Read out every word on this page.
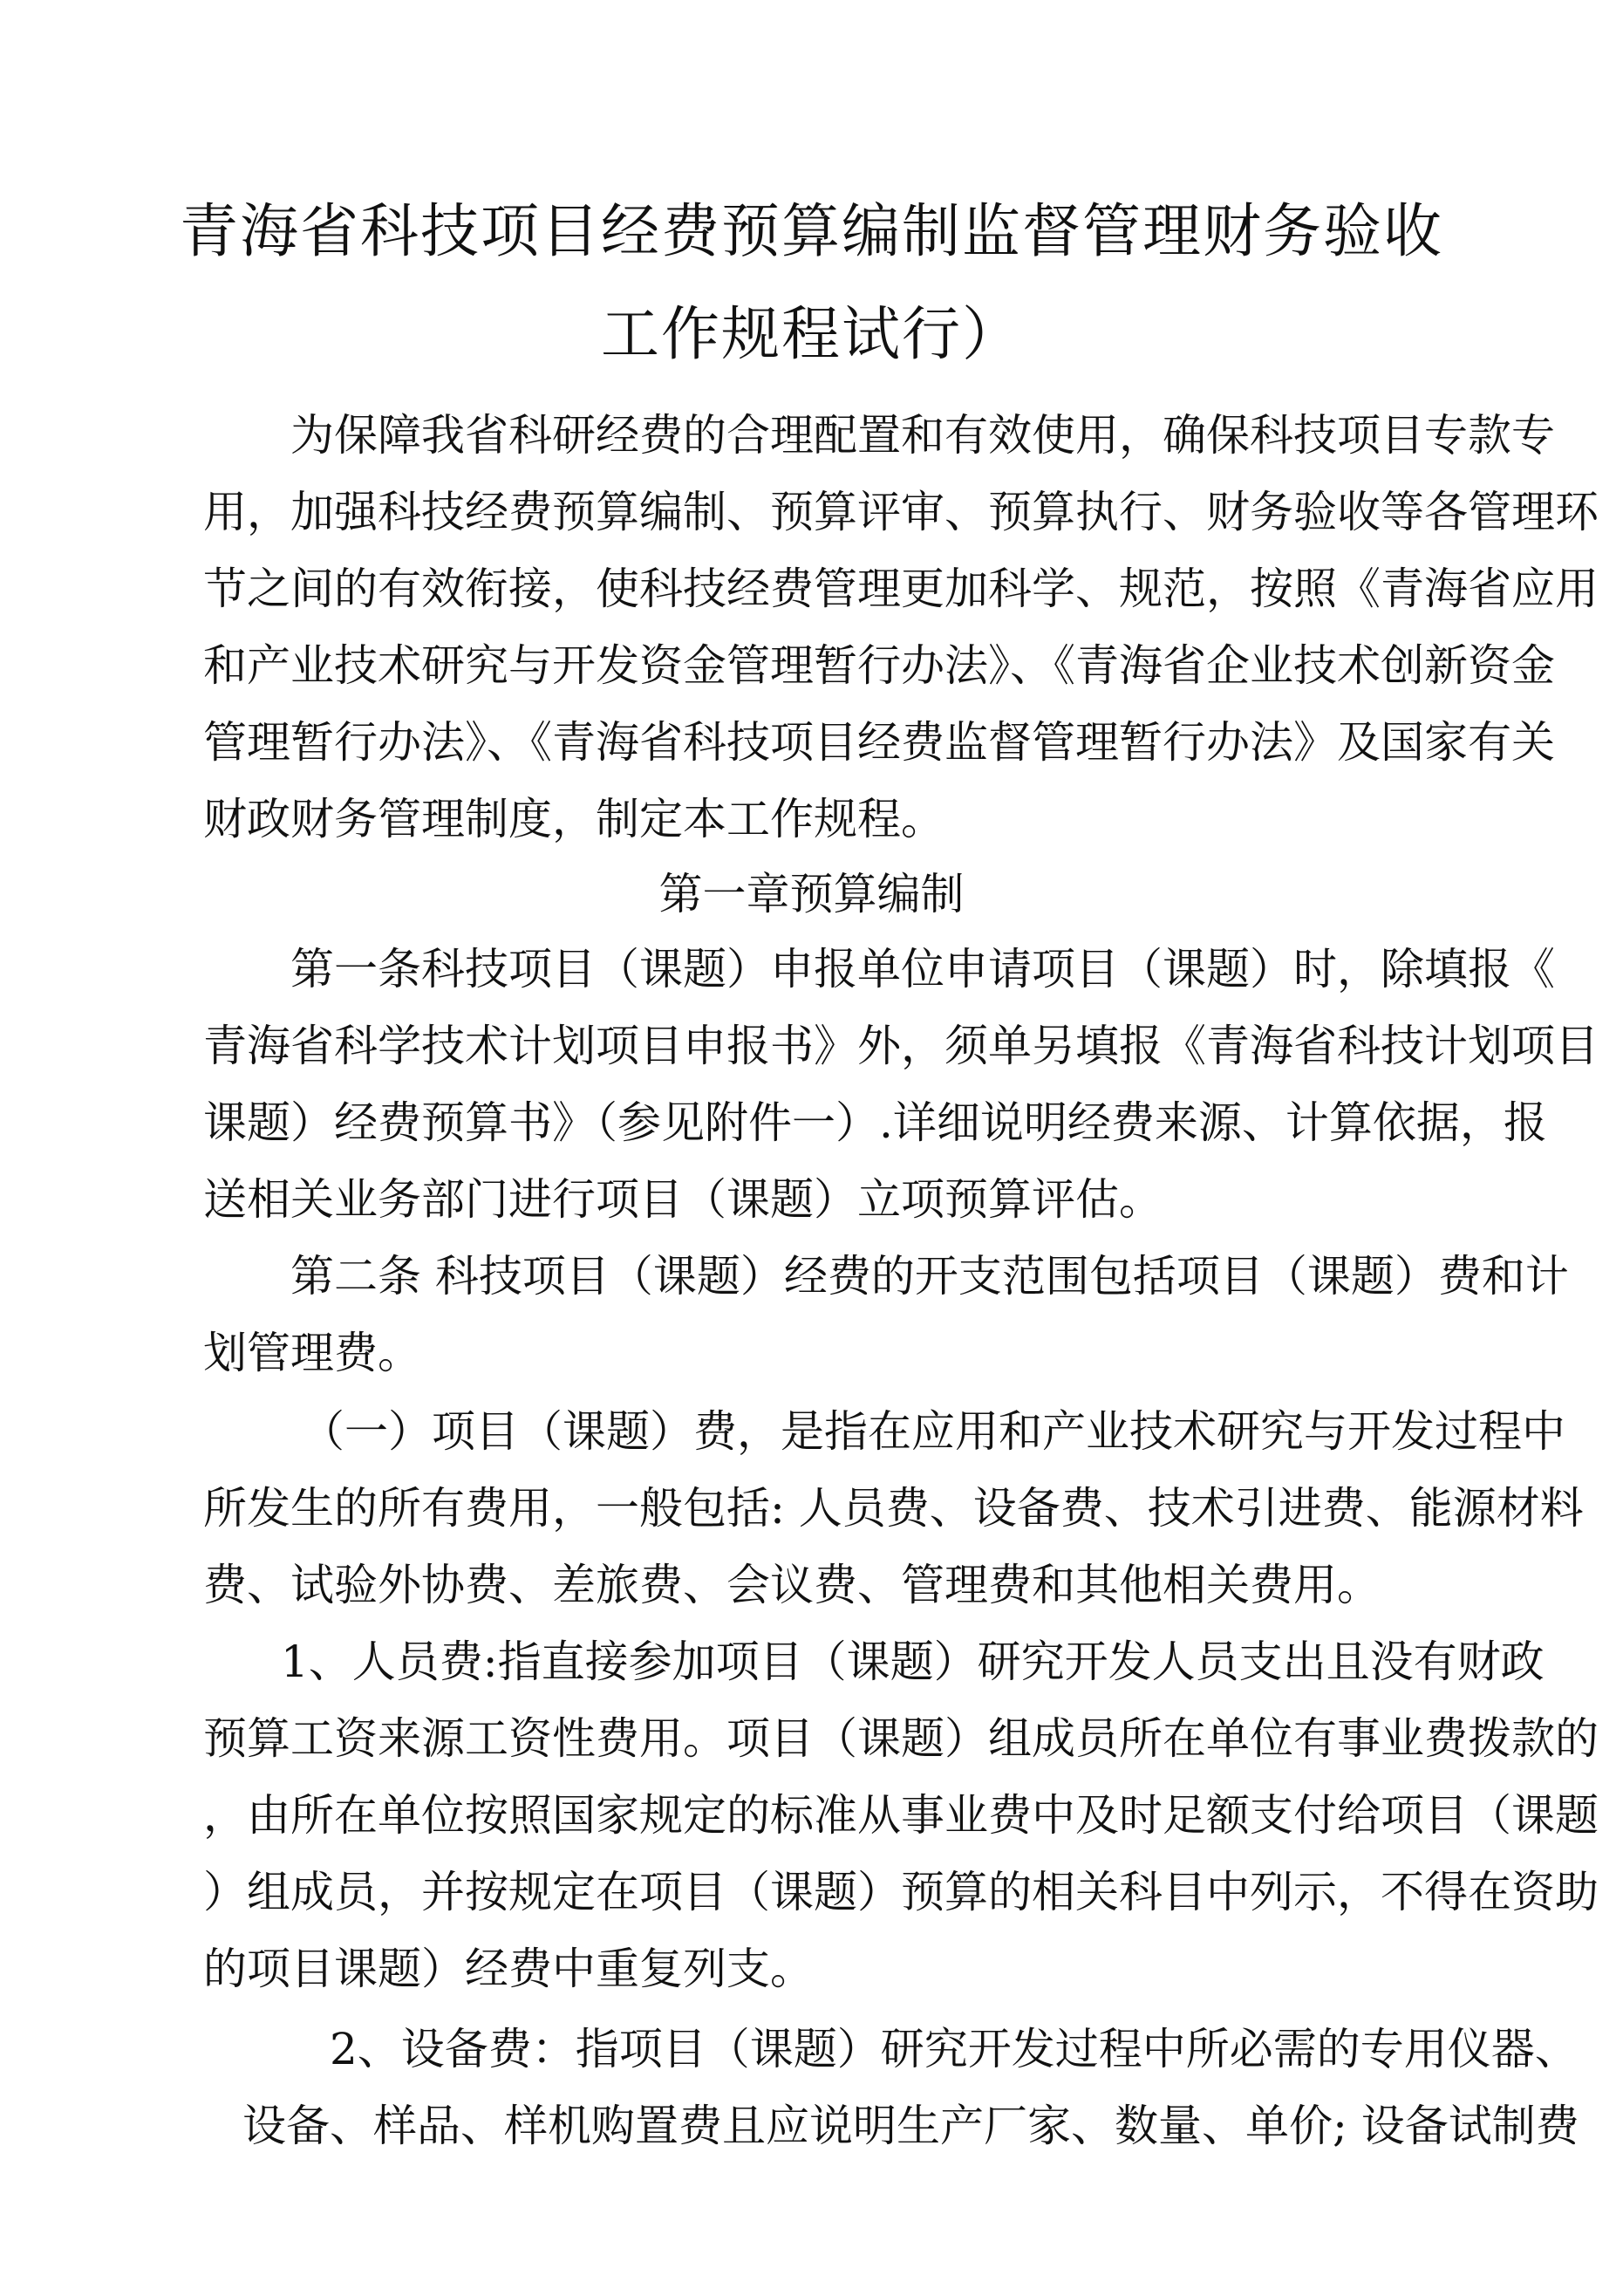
青海省科技项目经费预算编制监督管理财务验收
工作规程试行）
为保障我省科研经费的合理配置和有效使用，确保科技项目专款专
用，加强科技经费预算编制、预算评审、预算执行、财务验收等各管理环
节之间的有效衔接，使科技经费管理更加科学、规范，按照《青海省应用
和产业技术研究与开发资金管理暂行办法》、《青海省企业技术创新资金
管理暂行办法》、《青海省科技项目经费监督管理暂行办法》及国家有关
财政财务管理制度，制定本工作规程。
第一章预算编制
第一条科技项目（课题）申报单位申请项目（课题）时，除填报《
青海省科学技术计划项目申报书》外，须单另填报《青海省科技计划项目
课题）经费预算书》（参见附件一）.详细说明经费来源、计算依据，报
送相关业务部门进行项目（课题）立项预算评估。
第二条 科技项目（课题）经费的开支范围包括项目（课题）费和计
划管理费。
（一）项目（课题）费，是指在应用和产业技术研究与开发过程中
所发生的所有费用，一般包括: 人员费、设备费、技术引进费、能源材料
费、试验外协费、差旅费、会议费、管理费和其他相关费用。
1、人员费:指直接参加项目（课题）研究开发人员支出且没有财政
预算工资来源工资性费用。项目（课题）组成员所在单位有事业费拨款的
，由所在单位按照国家规定的标准从事业费中及时足额支付给项目（课题
）组成员，并按规定在项目（课题）预算的相关科目中列示，不得在资助
的项目课题）经费中重复列支。
2、设备费：指项目（课题）研究开发过程中所必需的专用仪器、
设备、样品、样机购置费且应说明生产厂家、数量、单价; 设备试制费
